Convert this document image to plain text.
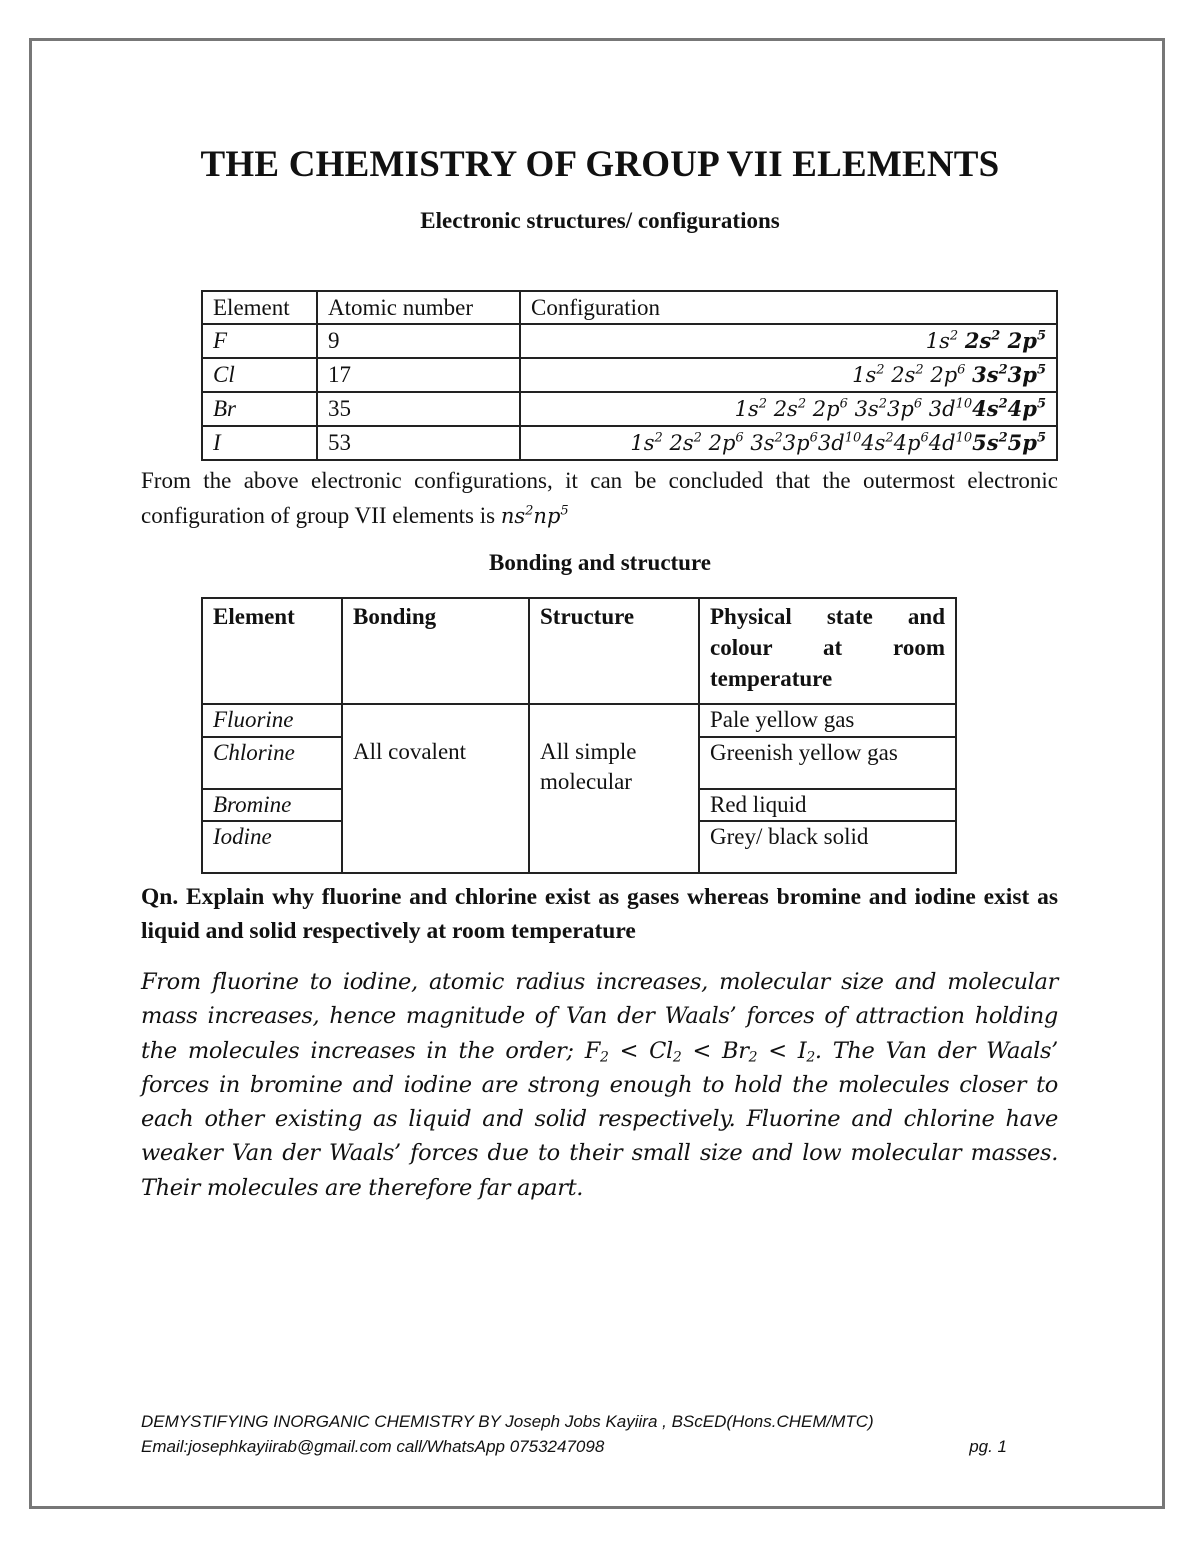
THE CHEMISTRY OF GROUP VII ELEMENTS
Electronic structures/ configurations
Element	Atomic number	Configuration
F	9	$1s^2$ $2s^2$ $2p^5$
Cl	17	$1s^2$ $2s^2$ $2p^6$ $3s^23p^5$
Br	35	$1s^2$ $2s^2$ $2p^6$ $3s^23p^6$ $3d^{10}4s^24p^5$
I	53	$1s^2$ $2s^2$ $2p^6$ $3s^23p^63d^{10}4s^24p^64d^{10}5s^25p^5$
From the above electronic configurations, it can be concluded that the outermost electronic configuration of group VII elements is $ns^2np^5$
Bonding and structure
Element	Bonding	Structure	Physical state and
colour at room
temperature

Fluorine	All covalent	All simple molecular	Pale yellow gas
Chlorine			Greenish yellow gas
Bromine			Red liquid
Iodine			Grey/ black solid
Qn. Explain why fluorine and chlorine exist as gases whereas bromine and iodine exist as liquid and solid respectively at room temperature
From fluorine to iodine, atomic radius increases, molecular size and molecular mass increases, hence magnitude of Van der Waals’ forces of attraction holding the molecules increases in the order; $F_2 < Cl_2 < Br_2 < I_2$. The Van der Waals’ forces in bromine and iodine are strong enough to hold the molecules closer to each other existing as liquid and solid respectively. Fluorine and chlorine have weaker Van der Waals’ forces due to their small size and low molecular masses. Their molecules are therefore far apart.
DEMYSTIFYING INORGANIC CHEMISTRY BY Joseph Jobs Kayiira , BScED(Hons.CHEM/MTC)
Email:josephkayiirab@gmail.com call/WhatsApp 0753247098	pg. 1
